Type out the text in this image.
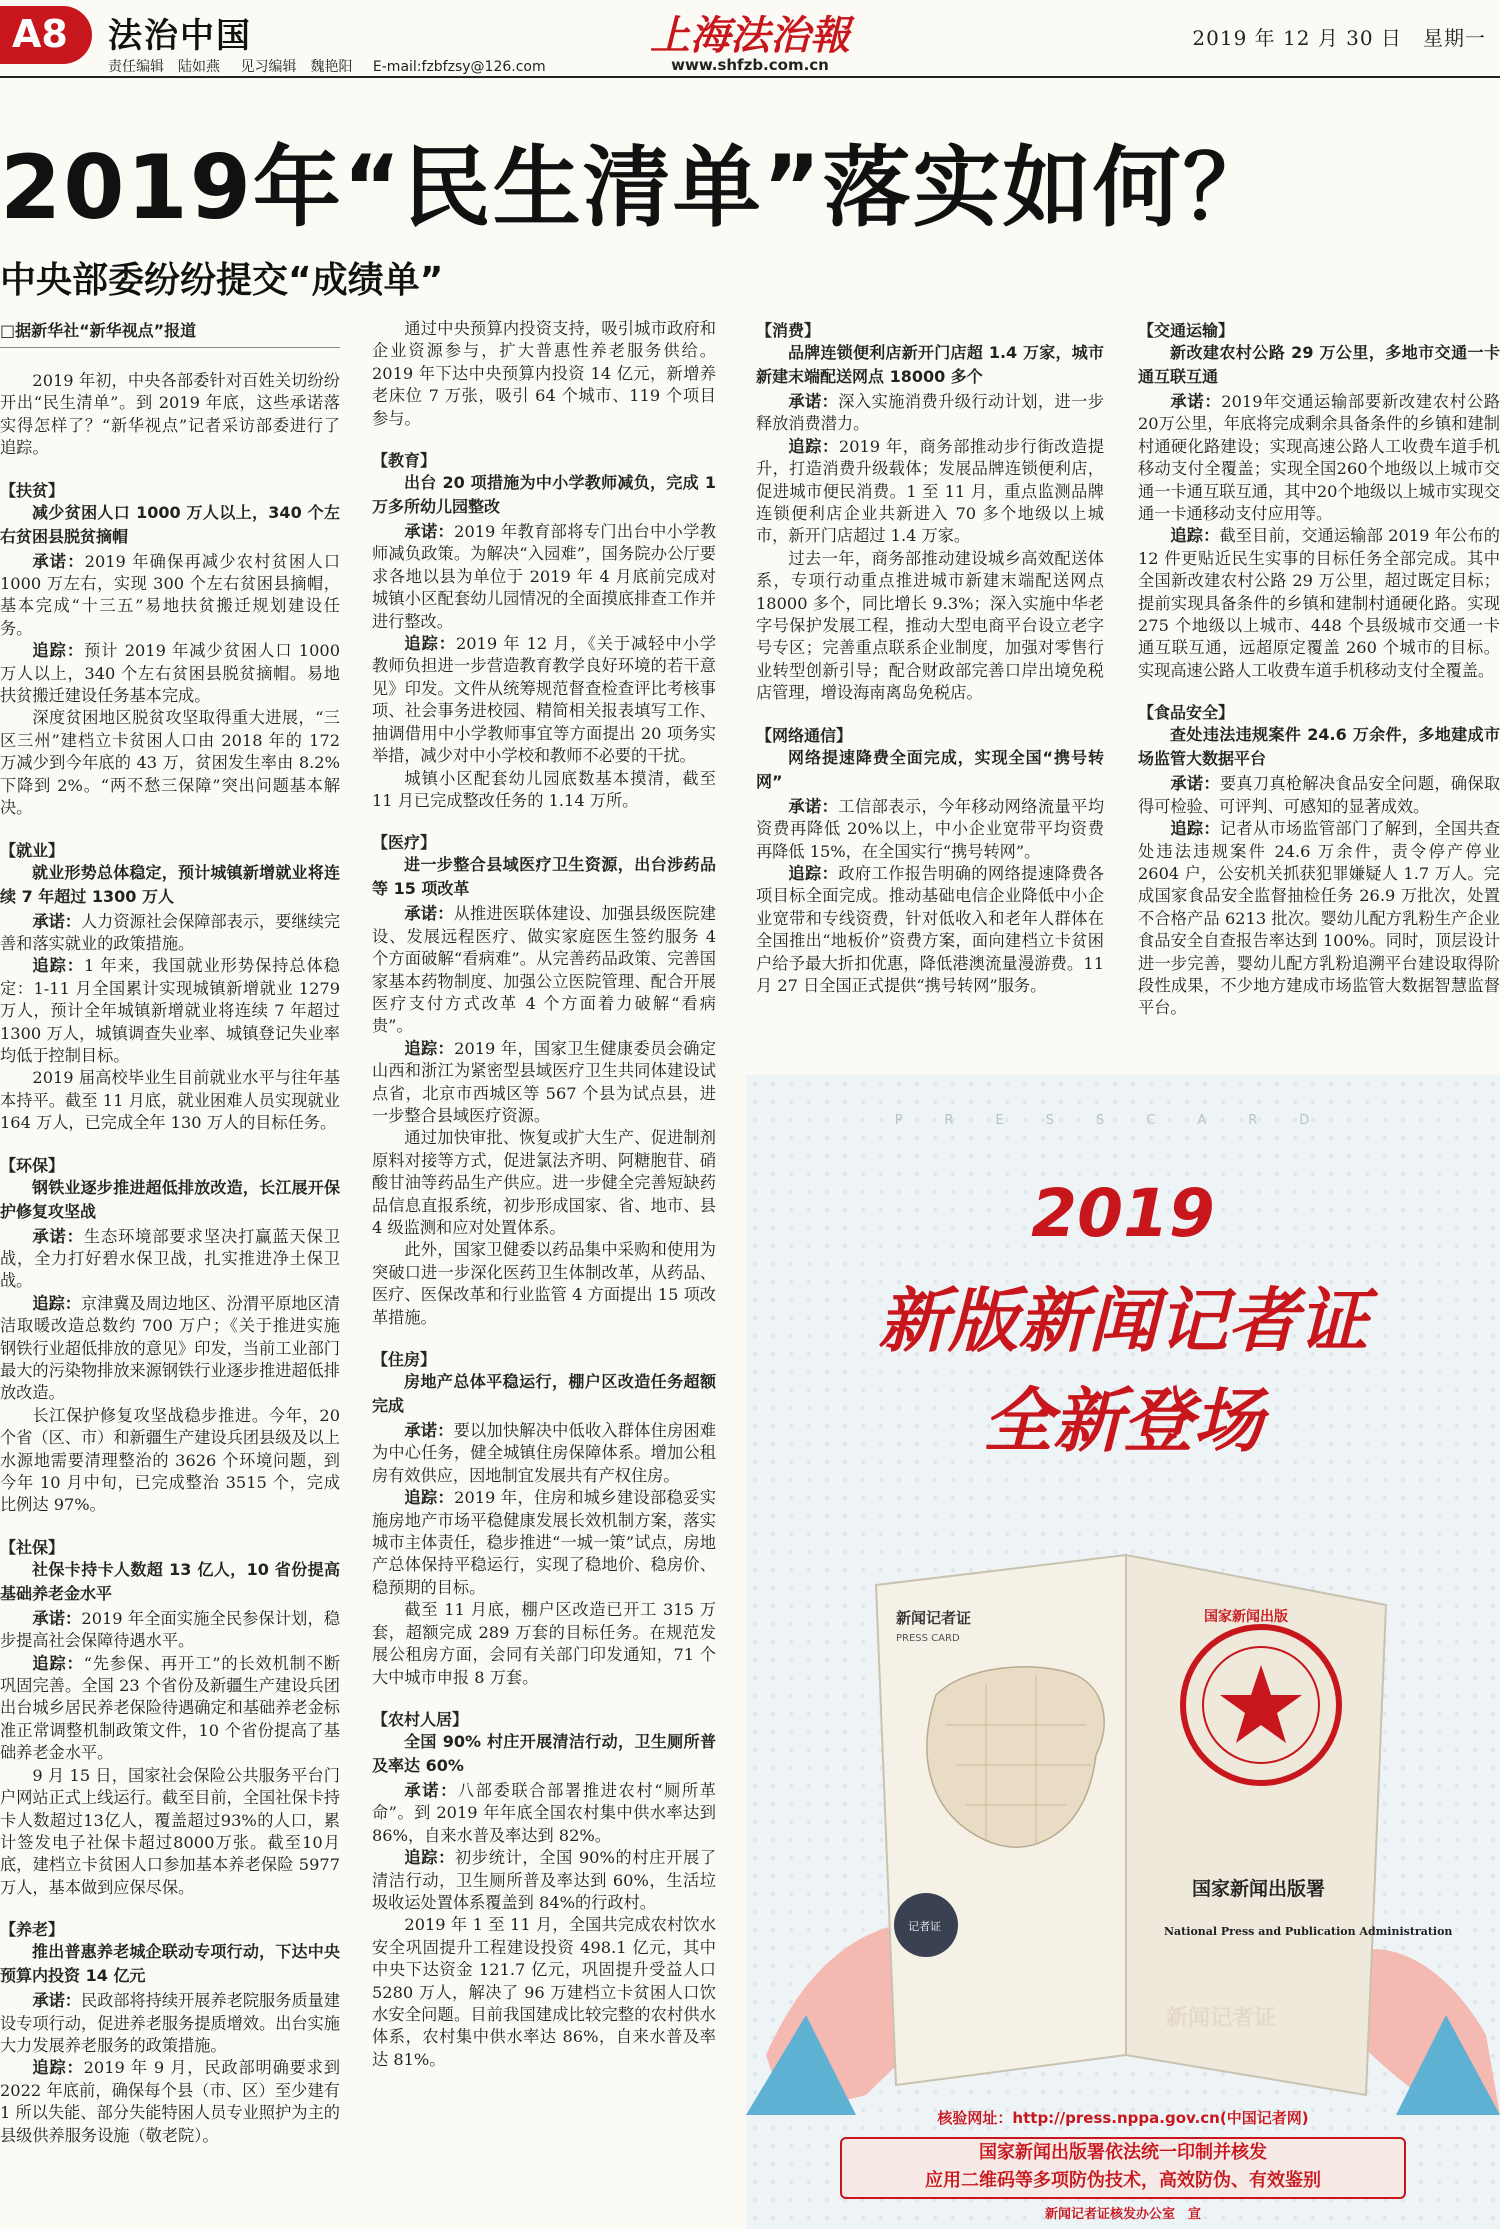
A8 法治中国
责任编辑　陆如燕 见习编辑　魏艳阳 E-mail:fzbfzsy@126.com
上海法治報
www.shfzb.com.cn
2019 年 12 月 30 日　星期一
2019年“民生清单”落实如何？
中央部委纷纷提交“成绩单”

□据新华社“新华视点”报道

2019 年初，中央各部委针对百姓关切纷纷开出“民生清单”。到 2019 年底，这些承诺落实得怎样了？“新华视点”记者采访部委进行了追踪。

【扶贫】

减少贫困人口 1000 万人以上，340 个左右贫困县脱贫摘帽

承诺：2019 年确保再减少农村贫困人口 1000 万左右，实现 300 个左右贫困县摘帽，基本完成“十三五”易地扶贫搬迁规划建设任务。

追踪：预计 2019 年减少贫困人口 1000 万人以上，340 个左右贫困县脱贫摘帽。易地扶贫搬迁建设任务基本完成。

深度贫困地区脱贫攻坚取得重大进展，“三区三州”建档立卡贫困人口由 2018 年的 172 万减少到今年底的 43 万，贫困发生率由 8.2% 下降到 2%。“两不愁三保障”突出问题基本解决。

【就业】

就业形势总体稳定，预计城镇新增就业将连续 7 年超过 1300 万人

承诺：人力资源社会保障部表示，要继续完善和落实就业的政策措施。

追踪：1 年来，我国就业形势保持总体稳定：1-11 月全国累计实现城镇新增就业 1279 万人，预计全年城镇新增就业将连续 7 年超过 1300 万人，城镇调查失业率、城镇登记失业率均低于控制目标。

2019 届高校毕业生目前就业水平与往年基本持平。截至 11 月底，就业困难人员实现就业 164 万人，已完成全年 130 万人的目标任务。

【环保】

钢铁业逐步推进超低排放改造，长江展开保护修复攻坚战

承诺：生态环境部要求坚决打赢蓝天保卫战，全力打好碧水保卫战，扎实推进净土保卫战。

追踪：京津冀及周边地区、汾渭平原地区清洁取暖改造总数约 700 万户；《关于推进实施钢铁行业超低排放的意见》印发，当前工业部门最大的污染物排放来源钢铁行业逐步推进超低排放改造。

长江保护修复攻坚战稳步推进。今年，20 个省（区、市）和新疆生产建设兵团县级及以上水源地需要清理整治的 3626 个环境问题，到今年 10 月中旬，已完成整治 3515 个，完成比例达 97%。

【社保】

社保卡持卡人数超 13 亿人，10 省份提高基础养老金水平

承诺：2019 年全面实施全民参保计划，稳步提高社会保障待遇水平。

追踪：“先参保、再开工”的长效机制不断巩固完善。全国 23 个省份及新疆生产建设兵团出台城乡居民养老保险待遇确定和基础养老金标准正常调整机制政策文件，10 个省份提高了基础养老金水平。

9 月 15 日，国家社会保险公共服务平台门户网站正式上线运行。截至目前，全国社保卡持卡人数超过13亿人，覆盖超过93%的人口，累计签发电子社保卡超过8000万张。截至10月底，建档立卡贫困人口参加基本养老保险 5977 万人，基本做到应保尽保。

【养老】

推出普惠养老城企联动专项行动，下达中央预算内投资 14 亿元

承诺：民政部将持续开展养老院服务质量建设专项行动，促进养老服务提质增效。出台实施大力发展养老服务的政策措施。

追踪：2019 年 9 月，民政部明确要求到 2022 年底前，确保每个县（市、区）至少建有 1 所以失能、部分失能特困人员专业照护为主的县级供养服务设施（敬老院）。

通过中央预算内投资支持，吸引城市政府和企业资源参与，扩大普惠性养老服务供给。2019 年下达中央预算内投资 14 亿元，新增养老床位 7 万张，吸引 64 个城市、119 个项目参与。

【教育】

出台 20 项措施为中小学教师减负，完成 1 万多所幼儿园整改

承诺：2019 年教育部将专门出台中小学教师减负政策。为解决“入园难”，国务院办公厅要求各地以县为单位于 2019 年 4 月底前完成对城镇小区配套幼儿园情况的全面摸底排查工作并进行整改。

追踪：2019 年 12 月，《关于减轻中小学教师负担进一步营造教育教学良好环境的若干意见》印发。文件从统筹规范督查检查评比考核事项、社会事务进校园、精简相关报表填写工作、抽调借用中小学教师事宜等方面提出 20 项务实举措，减少对中小学校和教师不必要的干扰。

城镇小区配套幼儿园底数基本摸清，截至 11 月已完成整改任务的 1.14 万所。

【医疗】

进一步整合县域医疗卫生资源，出台涉药品等 15 项改革

承诺：从推进医联体建设、加强县级医院建设、发展远程医疗、做实家庭医生签约服务 4 个方面破解“看病难”。从完善药品政策、完善国家基本药物制度、加强公立医院管理、配合开展医疗支付方式改革 4 个方面着力破解“看病贵”。

追踪：2019 年，国家卫生健康委员会确定山西和浙江为紧密型县域医疗卫生共同体建设试点省，北京市西城区等 567 个县为试点县，进一步整合县域医疗资源。

通过加快审批、恢复或扩大生产、促进制剂原料对接等方式，促进氯法齐明、阿糖胞苷、硝酸甘油等药品生产供应。进一步健全完善短缺药品信息直报系统，初步形成国家、省、地市、县 4 级监测和应对处置体系。

此外，国家卫健委以药品集中采购和使用为突破口进一步深化医药卫生体制改革，从药品、医疗、医保改革和行业监管 4 方面提出 15 项改革措施。

【住房】

房地产总体平稳运行，棚户区改造任务超额完成

承诺：要以加快解决中低收入群体住房困难为中心任务，健全城镇住房保障体系。增加公租房有效供应，因地制宜发展共有产权住房。

追踪：2019 年，住房和城乡建设部稳妥实施房地产市场平稳健康发展长效机制方案，落实城市主体责任，稳步推进“一城一策”试点，房地产总体保持平稳运行，实现了稳地价、稳房价、稳预期的目标。

截至 11 月底，棚户区改造已开工 315 万套，超额完成 289 万套的目标任务。在规范发展公租房方面，会同有关部门印发通知，71 个大中城市申报 8 万套。

【农村人居】

全国 90% 村庄开展清洁行动，卫生厕所普及率达 60%

承诺：八部委联合部署推进农村“厕所革命”。到 2019 年年底全国农村集中供水率达到 86%，自来水普及率达到 82%。

追踪：初步统计，全国 90%的村庄开展了清洁行动，卫生厕所普及率达到 60%，生活垃圾收运处置体系覆盖到 84%的行政村。

2019 年 1 至 11 月，全国共完成农村饮水安全巩固提升工程建设投资 498.1 亿元，其中中央下达资金 121.7 亿元，巩固提升受益人口 5280 万人，解决了 96 万建档立卡贫困人口饮水安全问题。目前我国建成比较完整的农村供水体系，农村集中供水率达 86%，自来水普及率达 81%。

【消费】

品牌连锁便利店新开门店超 1.4 万家，城市新建末端配送网点 18000 多个

承诺：深入实施消费升级行动计划，进一步释放消费潜力。

追踪：2019 年，商务部推动步行街改造提升，打造消费升级载体；发展品牌连锁便利店，促进城市便民消费。1 至 11 月，重点监测品牌连锁便利店企业共新进入 70 多个地级以上城市，新开门店超过 1.4 万家。

过去一年，商务部推动建设城乡高效配送体系，专项行动重点推进城市新建末端配送网点 18000 多个，同比增长 9.3%；深入实施中华老字号保护发展工程，推动大型电商平台设立老字号专区；完善重点联系企业制度，加强对零售行业转型创新引导；配合财政部完善口岸出境免税店管理，增设海南离岛免税店。

【网络通信】

网络提速降费全面完成，实现全国“携号转网”

承诺：工信部表示，今年移动网络流量平均资费再降低 20%以上，中小企业宽带平均资费再降低 15%，在全国实行“携号转网”。

追踪：政府工作报告明确的网络提速降费各项目标全面完成。推动基础电信企业降低中小企业宽带和专线资费，针对低收入和老年人群体在全国推出“地板价”资费方案，面向建档立卡贫困户给予最大折扣优惠，降低港澳流量漫游费。11 月 27 日全国正式提供“携号转网”服务。

【交通运输】

新改建农村公路 29 万公里，多地市交通一卡通互联互通

承诺：2019年交通运输部要新改建农村公路20万公里，年底将完成剩余具备条件的乡镇和建制村通硬化路建设；实现高速公路人工收费车道手机移动支付全覆盖；实现全国260个地级以上城市交通一卡通互联互通，其中20个地级以上城市实现交通一卡通移动支付应用等。

追踪：截至目前，交通运输部 2019 年公布的 12 件更贴近民生实事的目标任务全部完成。其中全国新改建农村公路 29 万公里，超过既定目标；提前实现具备条件的乡镇和建制村通硬化路。实现 275 个地级以上城市、448 个县级城市交通一卡通互联互通，远超原定覆盖 260 个城市的目标。实现高速公路人工收费车道手机移动支付全覆盖。

【食品安全】

查处违法违规案件 24.6 万余件，多地建成市场监管大数据平台

承诺：要真刀真枪解决食品安全问题，确保取得可检验、可评判、可感知的显著成效。

追踪：记者从市场监管部门了解到，全国共查处违法违规案件 24.6 万余件，责令停产停业 2604 户，公安机关抓获犯罪嫌疑人 1.7 万人。完成国家食品安全监督抽检任务 26.9 万批次，处置不合格产品 6213 批次。婴幼儿配方乳粉生产企业食品安全自查报告率达到 100%。同时，顶层设计进一步完善，婴幼儿配方乳粉追溯平台建设取得阶段性成果，不少地方建成市场监管大数据智慧监督平台。

PRESSCARD
2019
新版新闻记者证
全新登场
新闻记者证
PRESS CARD
记者证
国家新闻出版
国家新闻出版署
National Press and Publication Administration
新闻记者证
核验网址：http://press.nppa.gov.cn(中国记者网)
国家新闻出版署依法统一印制并核发
应用二维码等多项防伪技术，高效防伪、有效鉴别
新闻记者证核发办公室　宣
